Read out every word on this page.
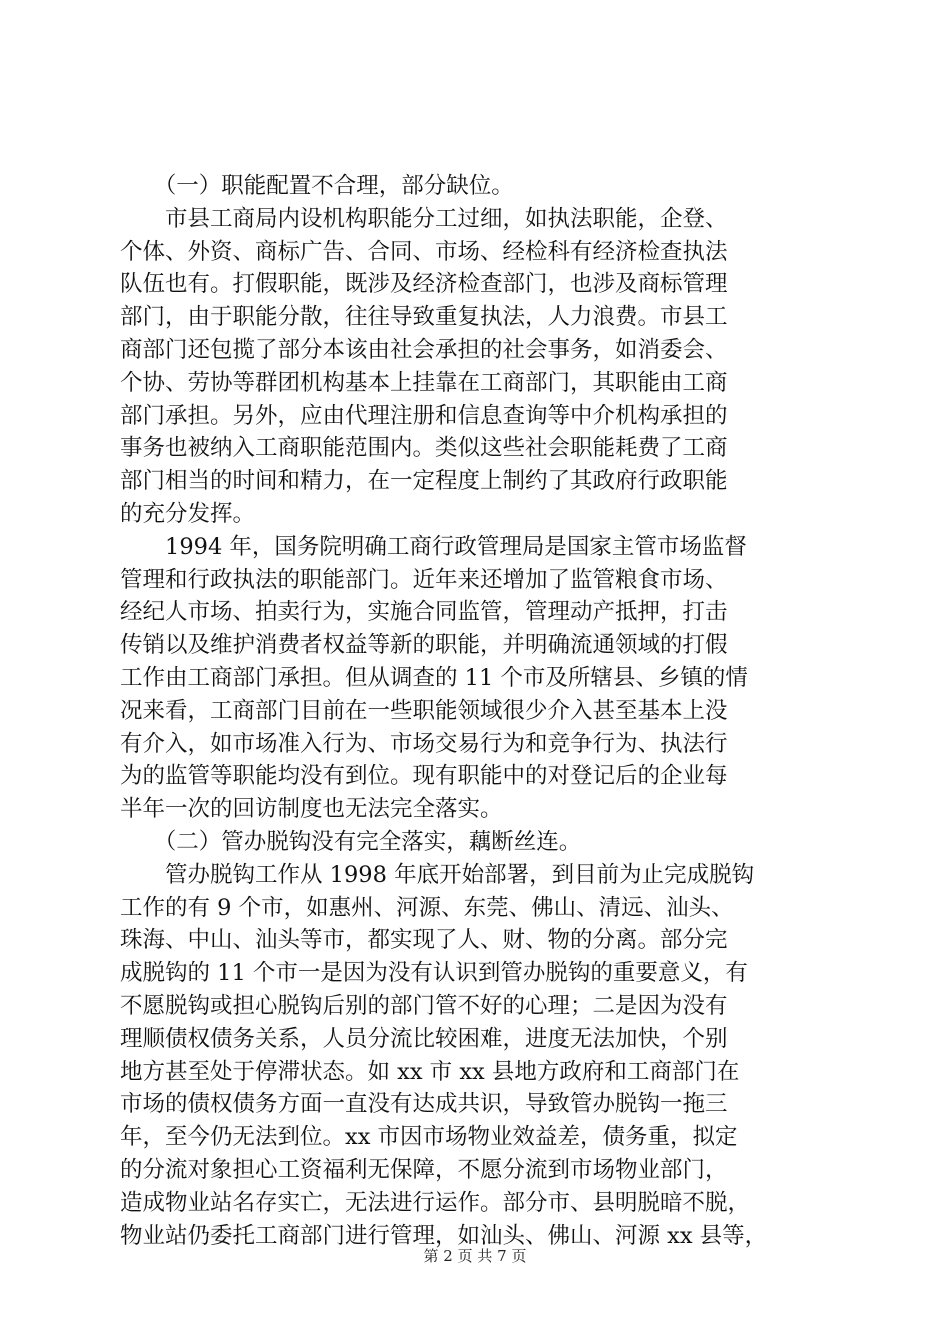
　　（一）职能配置不合理，部分缺位。
　　市县工商局内设机构职能分工过细，如执法职能，企登、
个体、外资、商标广告、合同、市场、经检科有经济检查执法
队伍也有。打假职能，既涉及经济检查部门，也涉及商标管理
部门，由于职能分散，往往导致重复执法，人力浪费。市县工
商部门还包揽了部分本该由社会承担的社会事务，如消委会、
个协、劳协等群团机构基本上挂靠在工商部门，其职能由工商
部门承担。另外，应由代理注册和信息查询等中介机构承担的
事务也被纳入工商职能范围内。类似这些社会职能耗费了工商
部门相当的时间和精力，在一定程度上制约了其政府行政职能
的充分发挥。
　　1994 年，国务院明确工商行政管理局是国家主管市场监督
管理和行政执法的职能部门。近年来还增加了监管粮食市场、
经纪人市场、拍卖行为，实施合同监管，管理动产抵押，打击
传销以及维护消费者权益等新的职能，并明确流通领域的打假
工作由工商部门承担。但从调查的 11 个市及所辖县、乡镇的情
况来看，工商部门目前在一些职能领域很少介入甚至基本上没
有介入，如市场准入行为、市场交易行为和竞争行为、执法行
为的监管等职能均没有到位。现有职能中的对登记后的企业每
半年一次的回访制度也无法完全落实。
　　（二）管办脱钩没有完全落实，藕断丝连。
　　管办脱钩工作从 1998 年底开始部署，到目前为止完成脱钩
工作的有 9 个市，如惠州、河源、东莞、佛山、清远、汕头、
珠海、中山、汕头等市，都实现了人、财、物的分离。部分完
成脱钩的 11 个市一是因为没有认识到管办脱钩的重要意义，有
不愿脱钩或担心脱钩后别的部门管不好的心理；二是因为没有
理顺债权债务关系，人员分流比较困难，进度无法加快，个别
地方甚至处于停滞状态。如 xx 市 xx 县地方政府和工商部门在
市场的债权债务方面一直没有达成共识，导致管办脱钩一拖三
年，至今仍无法到位。xx 市因市场物业效益差，债务重，拟定
的分流对象担心工资福利无保障，不愿分流到市场物业部门，
造成物业站名存实亡，无法进行运作。部分市、县明脱暗不脱，
物业站仍委托工商部门进行管理，如汕头、佛山、河源 xx 县等，
第 2 页 共 7 页
